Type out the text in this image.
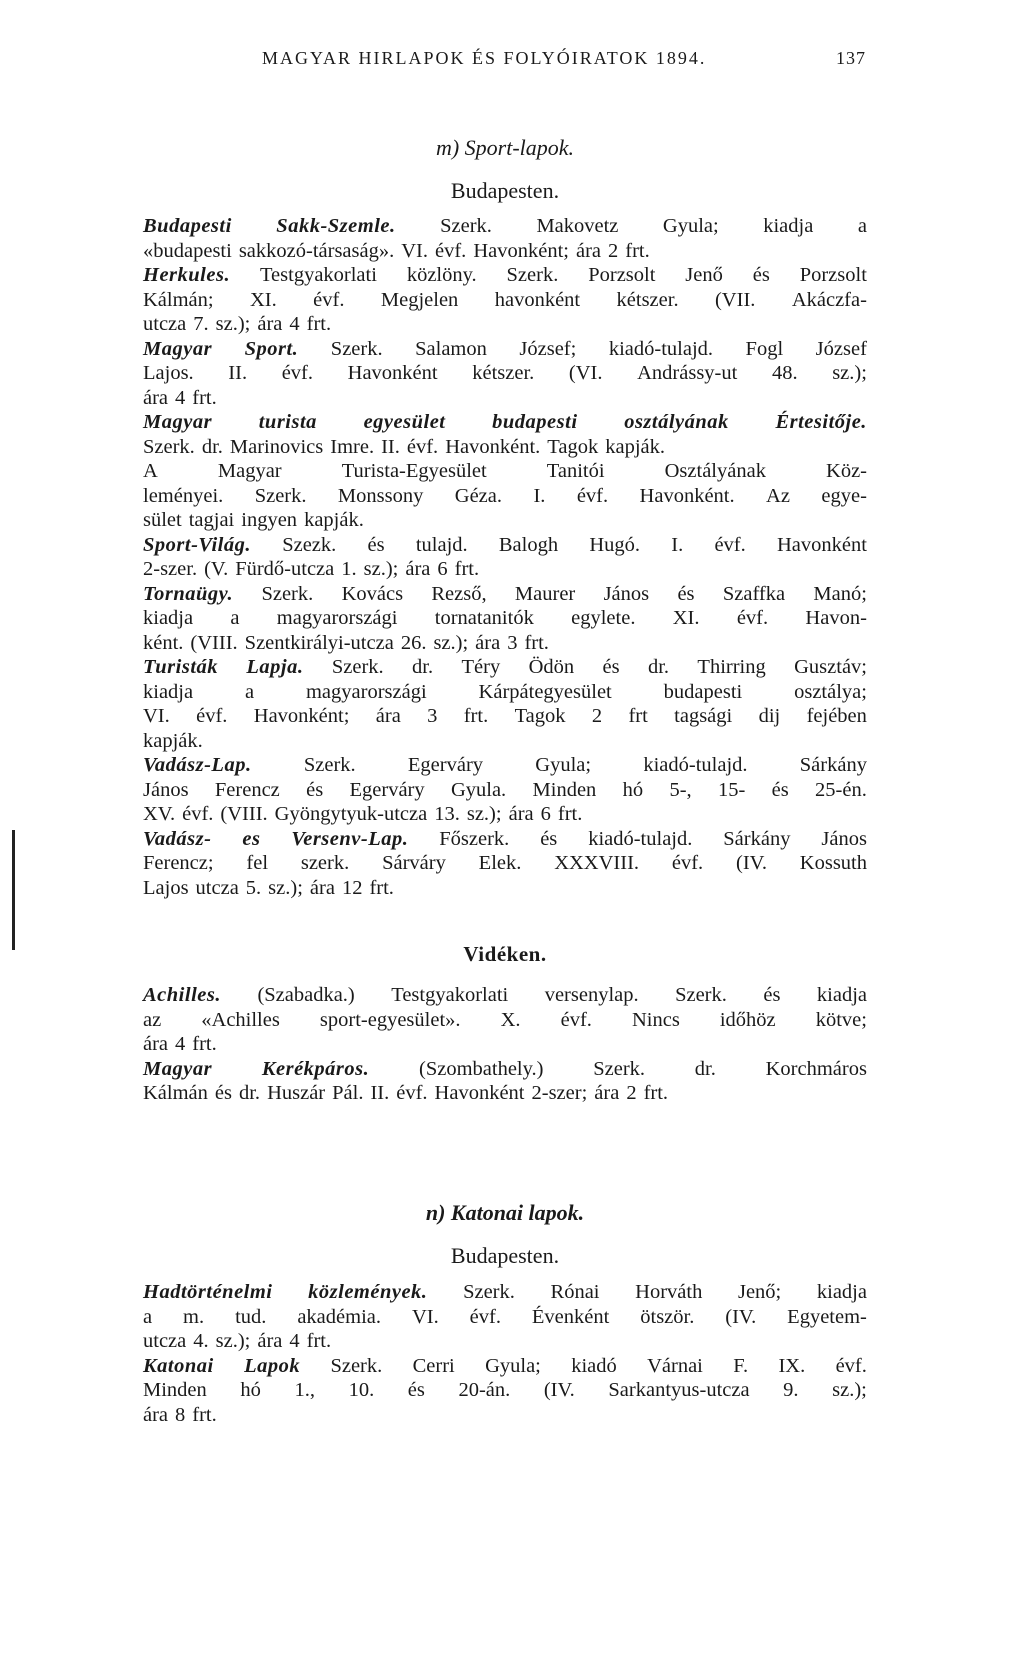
MAGYAR HIRLAPOK ÉS FOLYÓIRATOK 1894.	137
m) Sport-lapok.
Budapesten.
Budapesti Sakk-Szemle. Szerk. Makovetz Gyula; kiadja a
«budapesti sakkozó-társaság». VI. évf. Havonként; ára 2 frt.
Herkules. Testgyakorlati közlöny. Szerk. Porzsolt Jenő és Porzsolt
Kálmán; XI. évf. Megjelen havonként kétszer. (VII. Akáczfa-
utcza 7. sz.); ára 4 frt.
Magyar Sport. Szerk. Salamon József; kiadó-tulajd. Fogl József
Lajos. II. évf. Havonként kétszer. (VI. Andrássy-ut 48. sz.);
ára 4 frt.
Magyar turista egyesület budapesti osztályának Értesitője.
Szerk. dr. Marinovics Imre. II. évf. Havonként. Tagok kapják.
A	Magyar	Turista-Egyesület	Tanitói	Osztályának	Köz-
leményei. Szerk. Monssony Géza. I. évf. Havonként. Az egye-
sület tagjai ingyen kapják.
Sport-Világ. Szezk. és tulajd. Balogh Hugó. I. évf. Havonként
2-szer. (V. Fürdő-utcza 1. sz.); ára 6 frt.
Tornaügy. Szerk. Kovács Rezső, Maurer János és Szaffka Manó;
kiadja a magyarországi tornatanitók egylete. XI. évf. Havon-
ként. (VIII. Szentkirályi-utcza 26. sz.); ára 3 frt.
Turisták Lapja. Szerk. dr. Téry Ödön és dr. Thirring Gusztáv;
kiadja	a	magyarországi	Kárpátegyesület	budapesti	osztálya;
VI. évf. Havonként; ára 3 frt. Tagok 2 frt tagsági dij fejében
kapják.
Vadász-Lap.	Szerk.	Egerváry	Gyula;	kiadó-tulajd.	Sárkány
János Ferencz és Egerváry Gyula. Minden hó 5-, 15- és 25-én.
XV. évf. (VIII. Gyöngytyuk-utcza 13. sz.); ára 6 frt.
Vadász- es Versenv-Lap. Főszerk. és kiadó-tulajd. Sárkány János
Ferencz; fel szerk. Sárváry Elek. XXXVIII. évf. (IV. Kossuth
Lajos utcza 5. sz.); ára 12 frt.
Vidéken.
Achilles. (Szabadka.) Testgyakorlati versenylap. Szerk. és kiadja
az «Achilles sport-egyesület». X. évf. Nincs időhöz kötve;
ára 4 frt.
Magyar Kerékpáros. (Szombathely.) Szerk. dr. Korchmáros
Kálmán és dr. Huszár Pál. II. évf. Havonként 2-szer; ára 2 frt.
n) Katonai lapok.
Budapesten.
Hadtörténelmi közlemények. Szerk. Rónai Horváth Jenő; kiadja
a m. tud. akadémia. VI. évf. Évenként ötször. (IV. Egyetem-
utcza 4. sz.); ára 4 frt.
Katonai Lapok Szerk. Cerri Gyula; kiadó Várnai F. IX. évf.
Minden hó 1., 10. és 20-án. (IV. Sarkantyus-utcza 9. sz.);
ára 8 frt.
